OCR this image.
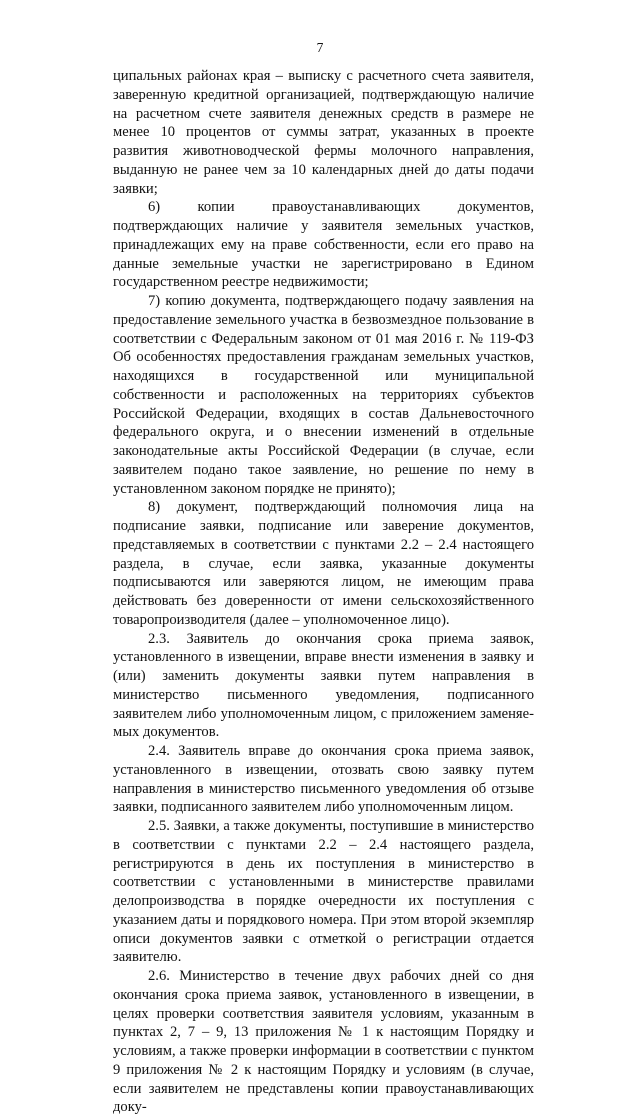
7

ципальных районах края – выписку с расчетного счета заявителя, заверенную кредитной организацией, подтверждающую наличие на расчетном счете заявителя денежных средств в размере не менее 10 процентов от суммы затрат, указанных в проекте развития животноводческой фермы молочного направления, выданную не ранее чем за 10 календарных дней до даты подачи заявки;

6) копии правоустанавливающих документов, подтверждающих наличие у заявителя земельных участков, принадлежащих ему на праве собственности, если его право на данные земельные участки не зарегистрировано в Едином государственном реестре недвижимости;

7) копию документа, подтверждающего подачу заявления на предоставление земельного участка в безвозмездное пользование в соответствии с Федеральным законом от 01 мая 2016 г. № 119-ФЗ Об особенностях предоставления гражданам земельных участков, находящихся в государственной или муниципальной собственности и расположенных на территориях субъектов Российской Федерации, входящих в состав Дальневосточного федерального округа, и о внесении изменений в отдельные законодательные акты Российской Федерации (в случае, если заявителем подано такое заявление, но решение по нему в установленном законом порядке не принято);

8) документ, подтверждающий полномочия лица на подписание заявки, подписание или заверение документов, представляемых в соответствии с пунктами 2.2 – 2.4 настоящего раздела, в случае, если заявка, указанные документы подписываются или заверяются лицом, не имеющим права действовать без доверенности от имени сельскохозяйственного товаропроизводителя (далее – уполномоченное лицо).

2.3. Заявитель до окончания срока приема заявок, установленного в извещении, вправе внести изменения в заявку и (или) заменить документы заявки путем направления в министерство письменного уведомления, подписанного заявителем либо уполномоченным лицом, с приложением заменяемых документов.

2.4. Заявитель вправе до окончания срока приема заявок, установленного в извещении, отозвать свою заявку путем направления в министерство письменного уведомления об отзыве заявки, подписанного заявителем либо уполномоченным лицом.

2.5. Заявки, а также документы, поступившие в министерство в соответствии с пунктами 2.2 – 2.4 настоящего раздела, регистрируются в день их поступления в министерство в соответствии с установленными в министерстве правилами делопроизводства в порядке очередности их поступления с указанием даты и порядкового номера. При этом второй экземпляр описи документов заявки с отметкой о регистрации отдается заявителю.

2.6. Министерство в течение двух рабочих дней со дня окончания срока приема заявок, установленного в извещении, в целях проверки соответствия заявителя условиям, указанным в пунктах 2, 7 – 9, 13 приложения № 1 к настоящим Порядку и условиям, а также проверки информации в соответствии с пунктом 9 приложения № 2 к настоящим Порядку и условиям (в случае, если заявителем не представлены копии правоустанавливающих доку-
